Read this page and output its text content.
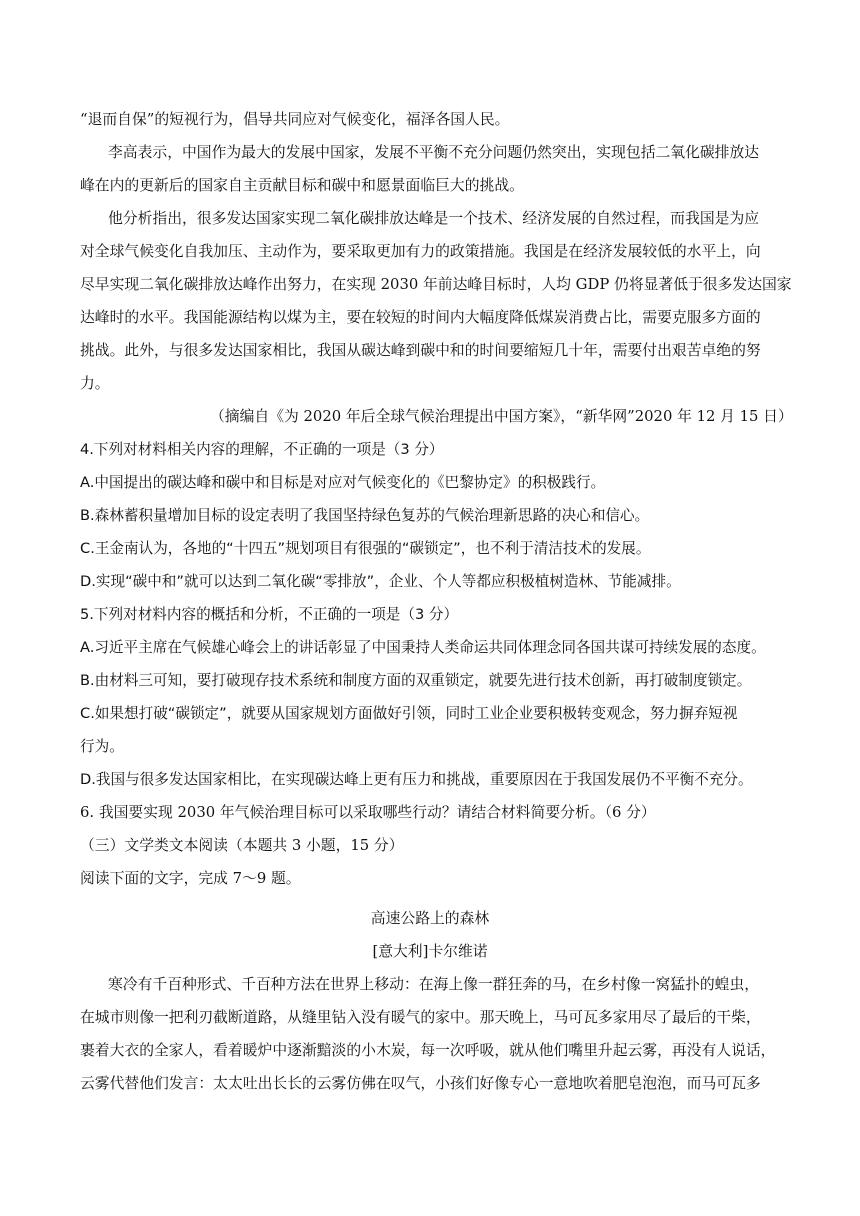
“退而自保”的短视行为，倡导共同应对气候变化，福泽各国人民。
李高表示，中国作为最大的发展中国家，发展不平衡不充分问题仍然突出，实现包括二氧化碳排放达
峰在内的更新后的国家自主贡献目标和碳中和愿景面临巨大的挑战。
他分析指出，很多发达国家实现二氧化碳排放达峰是一个技术、经济发展的自然过程，而我国是为应
对全球气候变化自我加压、主动作为，要采取更加有力的政策措施。我国是在经济发展较低的水平上，向
尽早实现二氧化碳排放达峰作出努力，在实现 2030 年前达峰目标时，人均 GDP 仍将显著低于很多发达国家
达峰时的水平。我国能源结构以煤为主，要在较短的时间内大幅度降低煤炭消费占比，需要克服多方面的
挑战。此外，与很多发达国家相比，我国从碳达峰到碳中和的时间要缩短几十年，需要付出艰苦卓绝的努
力。
（摘编自《为 2020 年后全球气候治理提出中国方案》，“新华网”2020 年 12 月 15 日）
4.下列对材料相关内容的理解，不正确的一项是（3 分）
A.中国提出的碳达峰和碳中和目标是对应对气候变化的《巴黎协定》的积极践行。
B.森林蓄积量增加目标的设定表明了我国坚持绿色复苏的气候治理新思路的决心和信心。
C.王金南认为，各地的“十四五”规划项目有很强的“碳锁定”，也不利于清洁技术的发展。
D.实现“碳中和”就可以达到二氧化碳“零排放”，企业、个人等都应积极植树造林、节能减排。
5.下列对材料内容的概括和分析，不正确的一项是（3 分）
A.习近平主席在气候雄心峰会上的讲话彰显了中国秉持人类命运共同体理念同各国共谋可持续发展的态度。
B.由材料三可知，要打破现存技术系统和制度方面的双重锁定，就要先进行技术创新，再打破制度锁定。
C.如果想打破“碳锁定”，就要从国家规划方面做好引领，同时工业企业要积极转变观念，努力摒弃短视
行为。
D.我国与很多发达国家相比，在实现碳达峰上更有压力和挑战，重要原因在于我国发展仍不平衡不充分。
6. 我国要实现 2030 年气候治理目标可以采取哪些行动？请结合材料简要分析。（6 分）
（三）文学类文本阅读（本题共 3 小题，15 分）
阅读下面的文字，完成 7～9 题。
高速公路上的森林
[意大利]卡尔维诺
寒冷有千百种形式、千百种方法在世界上移动：在海上像一群狂奔的马，在乡村像一窝猛扑的蝗虫，
在城市则像一把利刃截断道路，从缝里钻入没有暖气的家中。那天晚上，马可瓦多家用尽了最后的干柴，
裹着大衣的全家人，看着暖炉中逐渐黯淡的小木炭，每一次呼吸，就从他们嘴里升起云雾，再没有人说话，
云雾代替他们发言：太太吐出长长的云雾仿佛在叹气，小孩们好像专心一意地吹着肥皂泡泡，而马可瓦多
